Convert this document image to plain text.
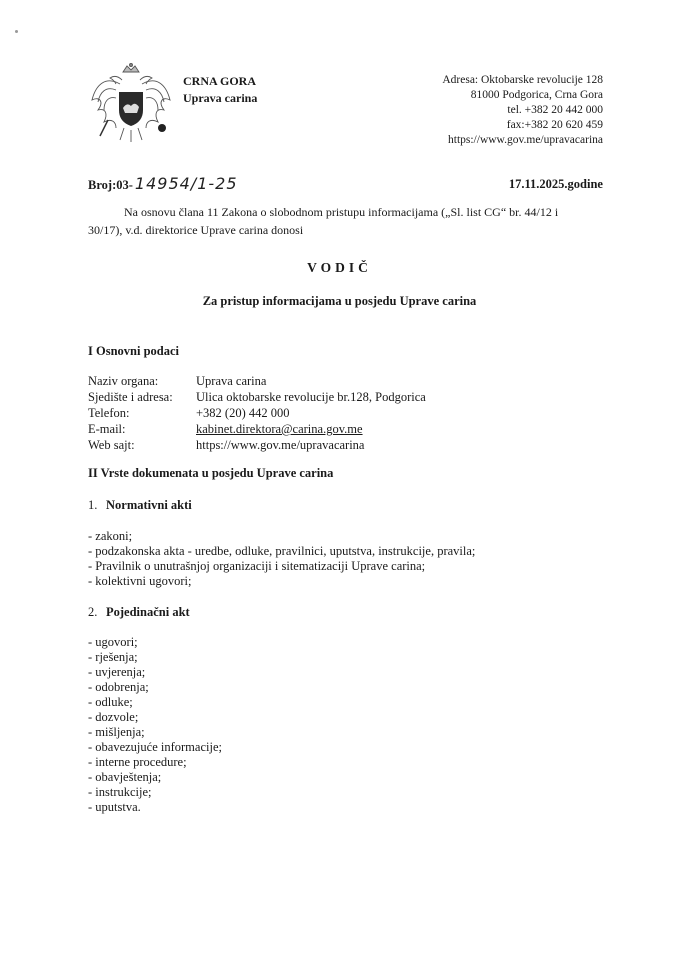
CRNA GORA
Uprava carina
Adresa: Oktobarske revolucije 128
81000 Podgorica, Crna Gora
tel. +382 20 442 000
fax:+382 20 620 459
https://www.gov.me/upravacarina
Broj:03- 14954/1-25	17.11.2025.godine

Na osnovu člana 11 Zakona o slobodnom pristupu informacijama („Sl. list CG“ br. 44/12 i 30/17), v.d. direktorice Uprave carina donosi

VODIČ
Za pristup informacijama u posjedu Uprave carina
I Osnovni podaci
Naziv organa:	Uprava carina
Sjedište i adresa:	Ulica oktobarske revolucije br.128, Podgorica
Telefon:	+382 (20) 442 000
E-mail:	kabinet.direktora@carina.gov.me
Web sajt:	https://www.gov.me/upravacarina
II Vrste dokumenata u posjedu Uprave carina
1. Normativni akti
- zakoni;
- podzakonska akta - uredbe, odluke, pravilnici, uputstva, instrukcije, pravila;
- Pravilnik o unutrašnjoj organizaciji i sitematizaciji Uprave carina;
- kolektivni ugovori;
2. Pojedinačni akt
- ugovori;
- rješenja;
- uvjerenja;
- odobrenja;
- odluke;
- dozvole;
- mišljenja;
- obavezujuće informacije;
- interne procedure;
- obavještenja;
- instrukcije;
- uputstva.
